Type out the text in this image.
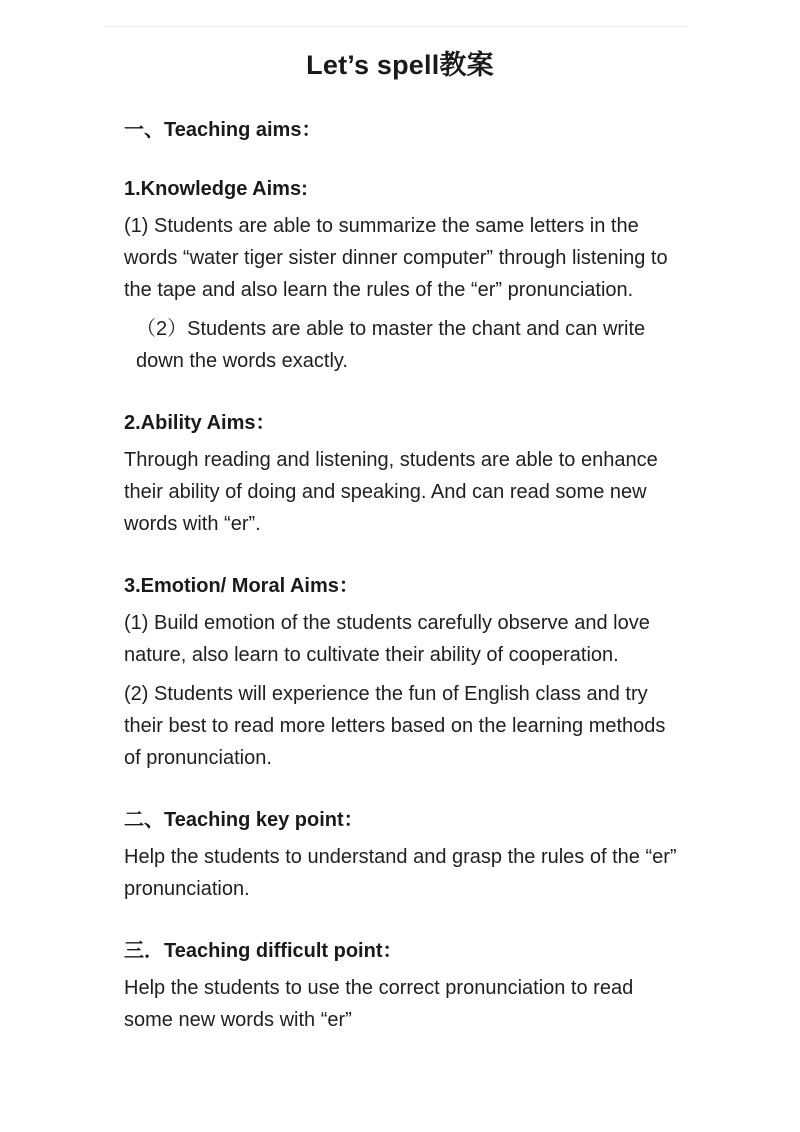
Let’s spell教案

一、Teaching aims：

1.Knowledge Aims:

(1) Students are able to summarize the same letters in the words “water tiger sister dinner computer” through listening to the tape and also learn the rules of the “er” pronunciation.

（2）Students are able to master the chant and can write down the words exactly.

2.Ability Aims：

Through reading and listening, students are able to enhance their ability of doing and speaking. And can read some new words with “er”.

3.Emotion/ Moral Aims：

(1) Build emotion of the students carefully observe and love nature, also learn to cultivate their ability of cooperation.

(2) Students will experience the fun of English class and try their best to read more letters based on the learning methods of pronunciation.

二、Teaching key point：

Help the students to understand and grasp the rules of the “er” pronunciation.

三．Teaching difficult point：

Help the students to use the correct pronunciation to read some new words with “er”
